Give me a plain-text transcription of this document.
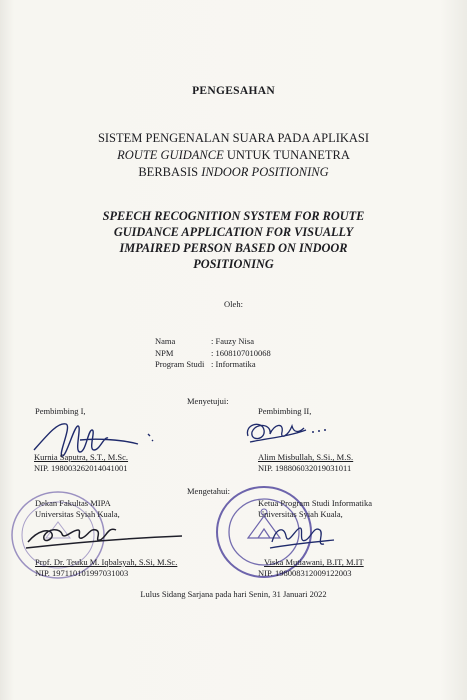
PENGESAHAN
SISTEM PENGENALAN SUARA PADA APLIKASI
ROUTE GUIDANCE UNTUK TUNANETRA
BERBASIS INDOOR POSITIONING
SPEECH RECOGNITION SYSTEM FOR ROUTE
GUIDANCE APPLICATION FOR VISUALLY
IMPAIRED PERSON BASED ON INDOOR
POSITIONING
Oleh:
Nama	: Fauzy Nisa
NPM	: 1608107010068
Program Studi : Informatika
Menyetujui:
Pembimbing I,
Kurnia Saputra, S.T., M.Sc.
NIP. 198003262014041001
Pembimbing II,
Alim Misbullah, S.Si., M.S.
NIP. 198806032019031011
Mengetahui:
Dekan Fakultas MIPA
Universitas Syiah Kuala,
Prof. Dr. Teuku M. Iqbalsyah, S.Si, M.Sc.
NIP. 197110101997031003
Ketua Program Studi Informatika
Universitas Syiah Kuala,
Viska Mutiawani, B.IT, M.IT
NIP. 198008312009122003
Lulus Sidang Sarjana pada hari Senin, 31 Januari 2022
